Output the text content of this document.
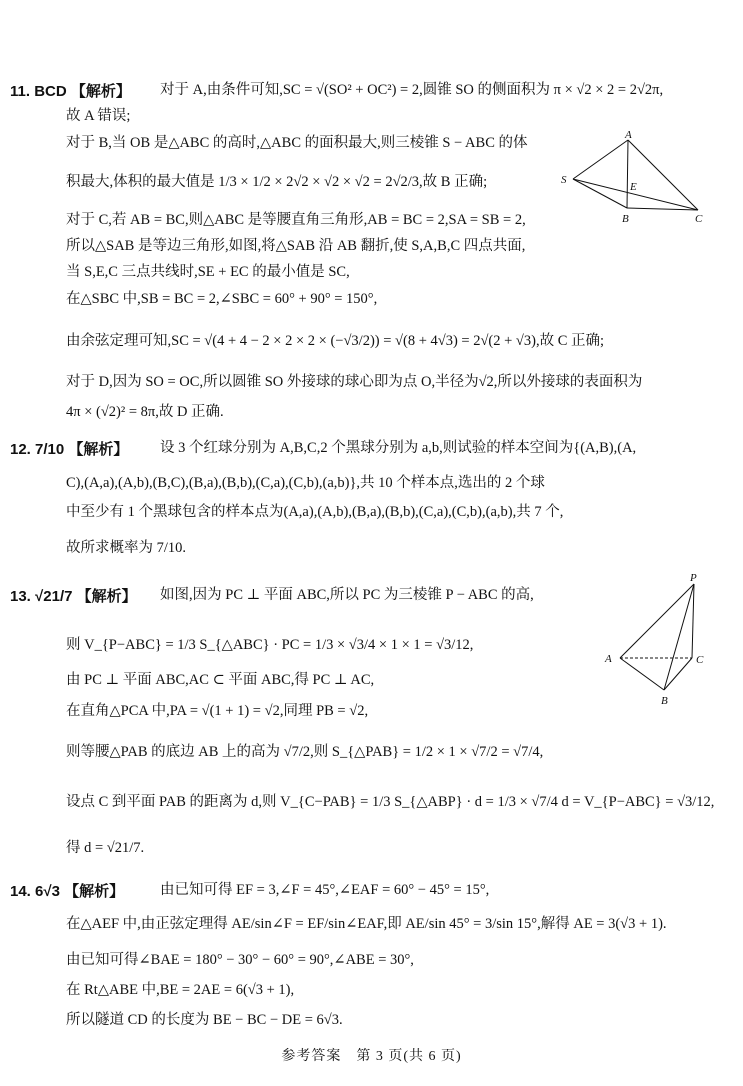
11. BCD 【解析】 对于 A,由条件可知,SC = √(SO² + OC²) = 2,圆锥 SO 的侧面积为 π × √2 × 2 = 2√2π,
故 A 错误;
对于 B,当 OB 是△ABC 的高时,△ABC 的面积最大,则三棱锥 S − ABC 的体
积最大,体积的最大值是 1/3 × 1/2 × 2√2 × √2 × √2 = 2√2/3,故 B 正确;
对于 C,若 AB = BC,则△ABC 是等腰直角三角形,AB = BC = 2,SA = SB = 2,
所以△SAB 是等边三角形,如图,将△SAB 沿 AB 翻折,使 S,A,B,C 四点共面,
当 S,E,C 三点共线时,SE + EC 的最小值是 SC,
在△SBC 中,SB = BC = 2,∠SBC = 60° + 90° = 150°,
由余弦定理可知,SC = √(4 + 4 − 2 × 2 × 2 × (−√3/2)) = √(8 + 4√3) = 2√(2 + √3),故 C 正确;
对于 D,因为 SO = OC,所以圆锥 SO 外接球的球心即为点 O,半径为√2,所以外接球的表面积为
4π × (√2)² = 8π,故 D 正确.
S
A
E
B	C
12. 7/10 【解析】 设 3 个红球分别为 A,B,C,2 个黑球分别为 a,b,则试验的样本空间为{(A,B),(A,
C),(A,a),(A,b),(B,C),(B,a),(B,b),(C,a),(C,b),(a,b)},共 10 个样本点,选出的 2 个球
中至少有 1 个黑球包含的样本点为(A,a),(A,b),(B,a),(B,b),(C,a),(C,b),(a,b),共 7 个,
故所求概率为 7/10.
13. √21/7 【解析】 如图,因为 PC ⊥ 平面 ABC,所以 PC 为三棱锥 P − ABC 的高,
则 V_{P−ABC} = 1/3 S_{△ABC} · PC = 1/3 × √3/4 × 1 × 1 = √3/12,
由 PC ⊥ 平面 ABC,AC ⊂ 平面 ABC,得 PC ⊥ AC,
在直角△PCA 中,PA = √(1 + 1) = √2,同理 PB = √2,
则等腰△PAB 的底边 AB 上的高为 √7/2,则 S_{△PAB} = 1/2 × 1 × √7/2 = √7/4,
设点 C 到平面 PAB 的距离为 d,则 V_{C−PAB} = 1/3 S_{△ABP} · d = 1/3 × √7/4 d = V_{P−ABC} = √3/12,
得 d = √21/7.
P
A	C
B
14. 6√3 【解析】 由已知可得 EF = 3,∠F = 45°,∠EAF = 60° − 45° = 15°,
在△AEF 中,由正弦定理得 AE/sin∠F = EF/sin∠EAF,即 AE/sin 45° = 3/sin 15°,解得 AE = 3(√3 + 1).
由已知可得∠BAE = 180° − 30° − 60° = 90°,∠ABE = 30°,
在 Rt△ABE 中,BE = 2AE = 6(√3 + 1),
所以隧道 CD 的长度为 BE − BC − DE = 6√3.
参考答案　第 3 页(共 6 页)
